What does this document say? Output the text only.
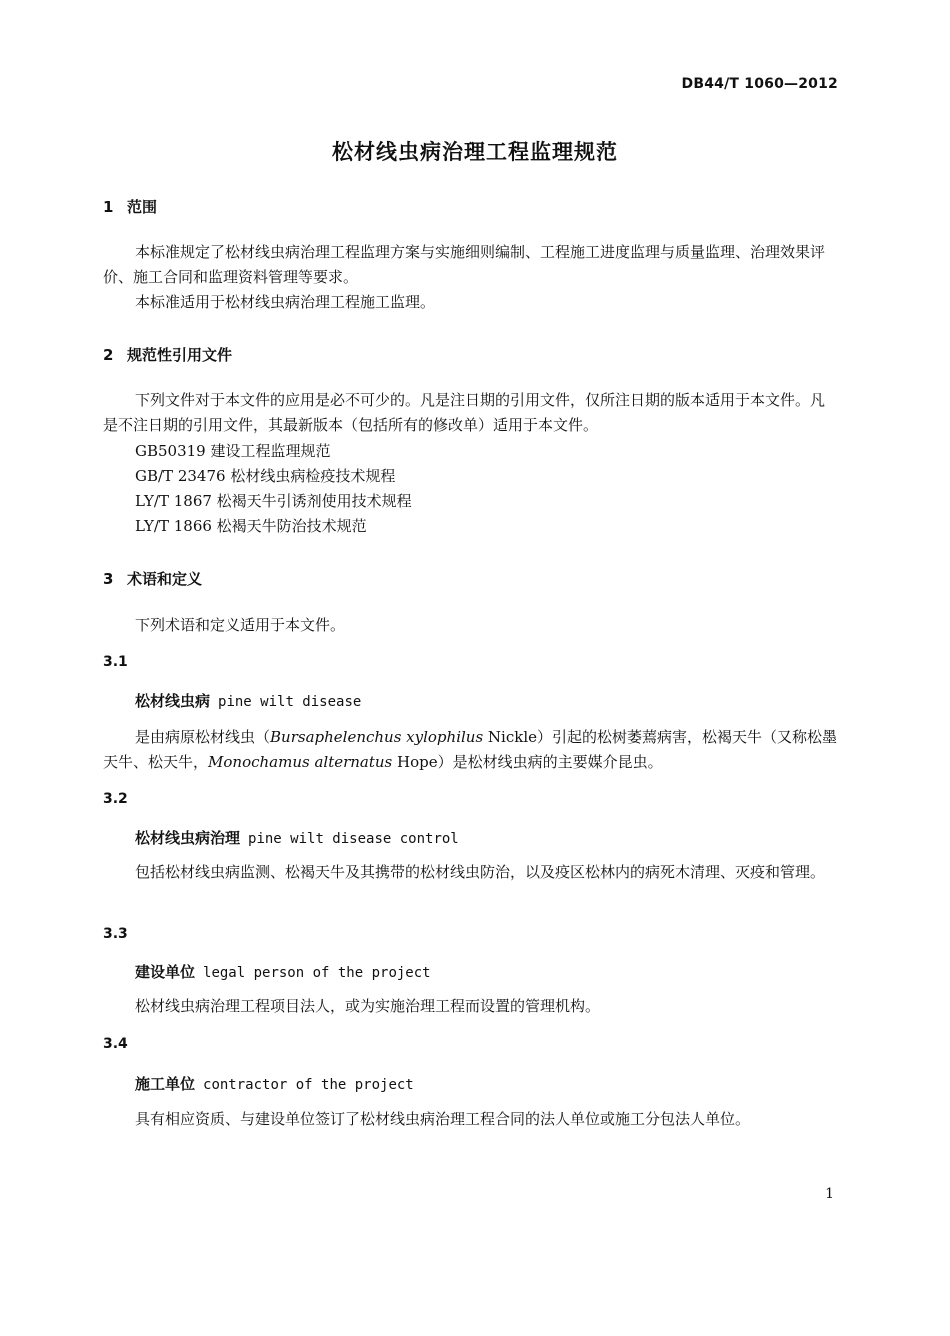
DB44/T 1060—2012
松材线虫病治理工程监理规范
1 范围
本标准规定了松材线虫病治理工程监理方案与实施细则编制、工程施工进度监理与质量监理、治理效果评价、施工合同和监理资料管理等要求。
本标准适用于松材线虫病治理工程施工监理。
2 规范性引用文件
下列文件对于本文件的应用是必不可少的。凡是注日期的引用文件，仅所注日期的版本适用于本文件。凡是不注日期的引用文件，其最新版本（包括所有的修改单）适用于本文件。
GB50319 建设工程监理规范
GB/T 23476 松材线虫病检疫技术规程
LY/T 1867 松褐天牛引诱剂使用技术规程
LY/T 1866 松褐天牛防治技术规范
3 术语和定义
下列术语和定义适用于本文件。
3.1
松材线虫病 pine wilt disease
是由病原松材线虫（Bursaphelenchus xylophilus Nickle）引起的松树萎蔫病害，松褐天牛（又称松墨天牛、松天牛，Monochamus alternatus Hope）是松材线虫病的主要媒介昆虫。
3.2
松材线虫病治理 pine wilt disease control
包括松材线虫病监测、松褐天牛及其携带的松材线虫防治，以及疫区松林内的病死木清理、灭疫和管理。
3.3
建设单位 legal person of the project
松材线虫病治理工程项目法人，或为实施治理工程而设置的管理机构。
3.4
施工单位 contractor of the project
具有相应资质、与建设单位签订了松材线虫病治理工程合同的法人单位或施工分包法人单位。
1
